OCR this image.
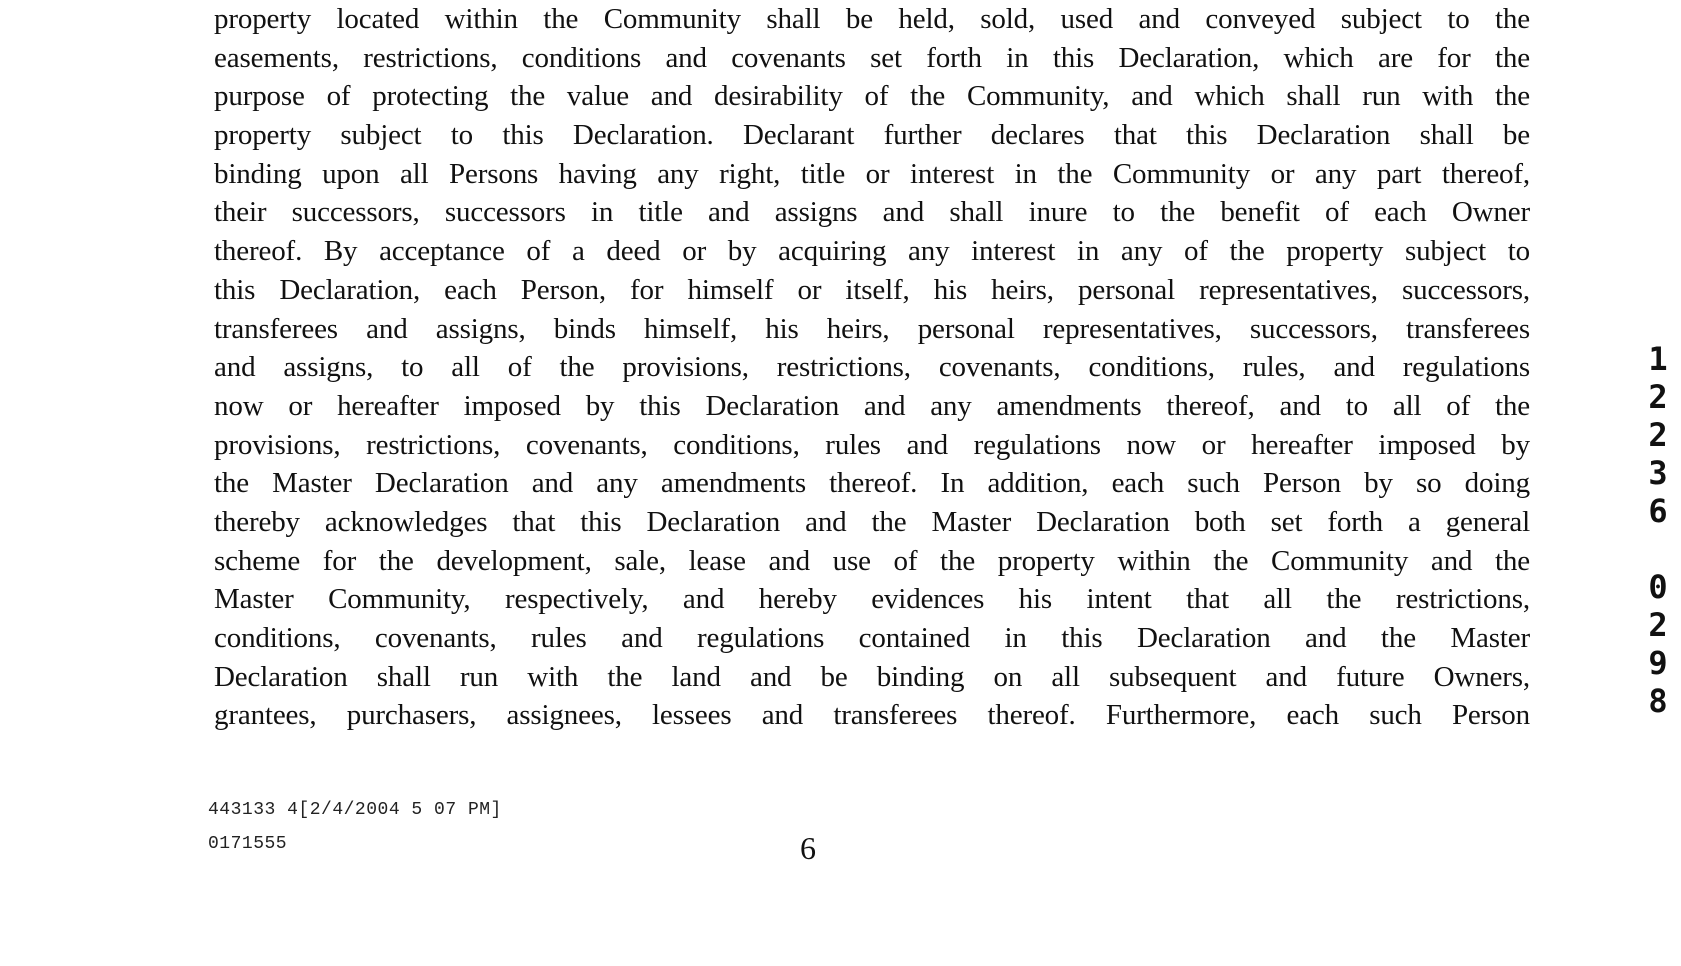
property located within the Community shall be held, sold, used and conveyed subject to the
easements, restrictions, conditions and covenants set forth in this Declaration, which are for the
purpose of protecting the value and desirability of the Community, and which shall run with the
property subject to this Declaration. Declarant further declares that this Declaration shall be
binding upon all Persons having any right, title or interest in the Community or any part thereof,
their successors, successors in title and assigns and shall inure to the benefit of each Owner
thereof. By acceptance of a deed or by acquiring any interest in any of the property subject to
this Declaration, each Person, for himself or itself, his heirs, personal representatives, successors,
transferees and assigns, binds himself, his heirs, personal representatives, successors, transferees
and assigns, to all of the provisions, restrictions, covenants, conditions, rules, and regulations
now or hereafter imposed by this Declaration and any amendments thereof, and to all of the
provisions, restrictions, covenants, conditions, rules and regulations now or hereafter imposed by
the Master Declaration and any amendments thereof. In addition, each such Person by so doing
thereby acknowledges that this Declaration and the Master Declaration both set forth a general
scheme for the development, sale, lease and use of the property within the Community and the
Master Community, respectively, and hereby evidences his intent that all the restrictions,
conditions, covenants, rules and regulations contained in this Declaration and the Master
Declaration shall run with the land and be binding on all subsequent and future Owners,
grantees, purchasers, assignees, lessees and transferees thereof. Furthermore, each such Person
443133 4[2/4/2004 5 07 PM]
0171555	6
1
2
2
3
6
0
2
9
8
